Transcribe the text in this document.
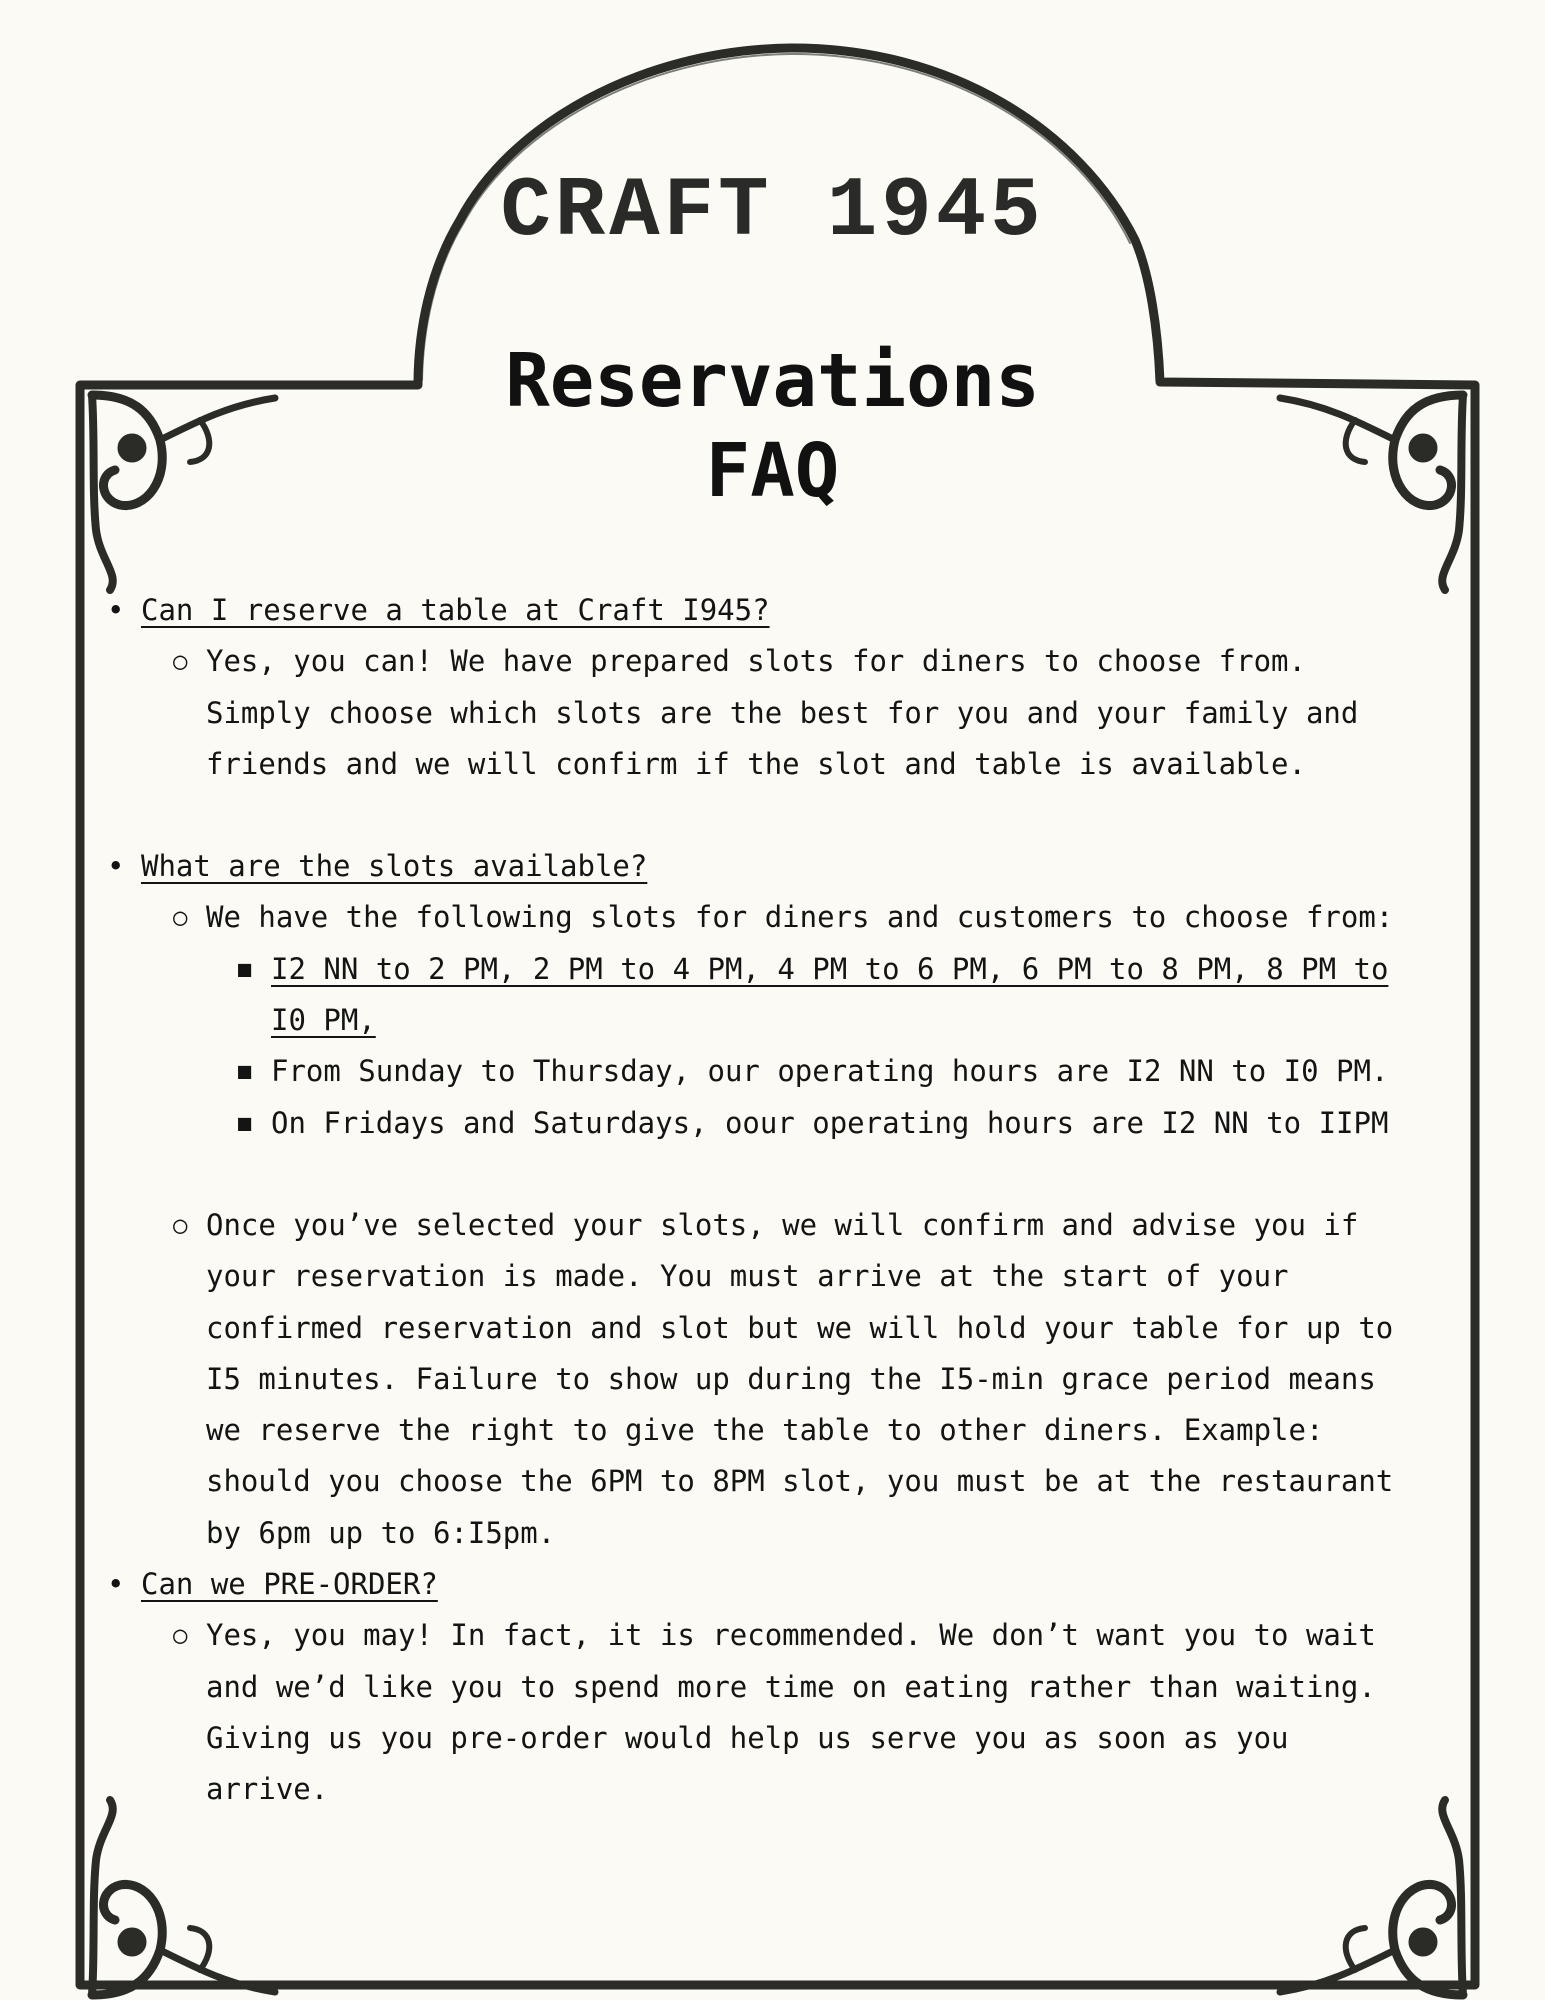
CRAFT 1945
Reservations
FAQ
• Can I reserve a table at Craft I945?
○ Yes, you can! We have prepared slots for diners to choose from. Simply choose which slots are the best for you and your family and friends and we will confirm if the slot and table is available.
• What are the slots available?
○ We have the following slots for diners and customers to choose from:
■ I2 NN to 2 PM, 2 PM to 4 PM, 4 PM to 6 PM, 6 PM to 8 PM, 8 PM to I0 PM,
■ From Sunday to Thursday, our operating hours are I2 NN to I0 PM.
■ On Fridays and Saturdays, oour operating hours are I2 NN to IIPM
○ Once you’ve selected your slots, we will confirm and advise you if your reservation is made. You must arrive at the start of your confirmed reservation and slot but we will hold your table for up to I5 minutes. Failure to show up during the I5-min grace period means we reserve the right to give the table to other diners. Example: should you choose the 6PM to 8PM slot, you must be at the restaurant by 6pm up to 6:I5pm.
• Can we PRE-ORDER?
○ Yes, you may! In fact, it is recommended. We don’t want you to wait and we’d like you to spend more time on eating rather than waiting. Giving us you pre-order would help us serve you as soon as you arrive.
